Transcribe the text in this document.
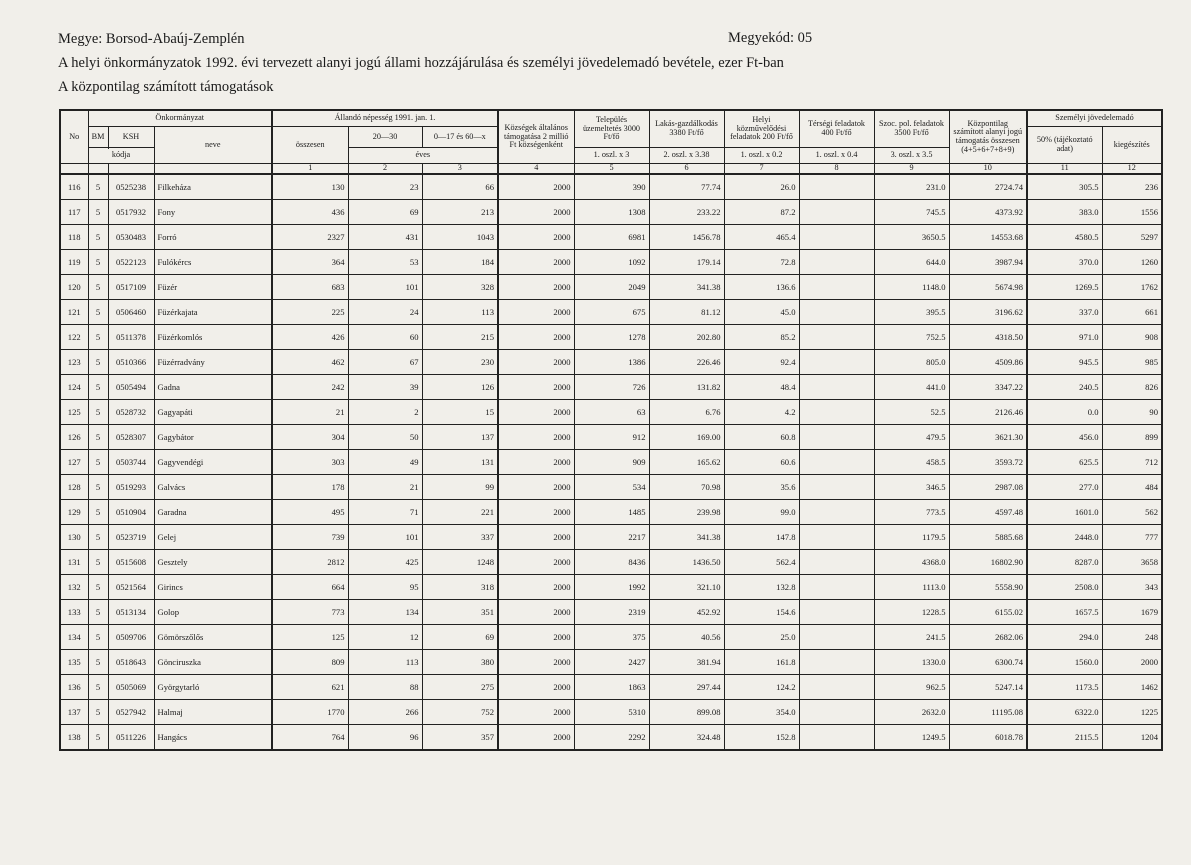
Megye: Borsod-Abaúj-Zemplén	Megyekód: 05
A helyi önkormányzatok 1992. évi tervezett alanyi jogú állami hozzájárulása és személyi jövedelemadó bevétele, ezer Ft-ban
A központilag számított támogatások
No	Önkormányzat			Állandó népesség 1991. jan. 1.			Községek általános támogatása 2 millió Ft községenként	Település üzemeltetés 3000 Ft/fő	Lakás-gazdálkodás 3380 Ft/fő	Helyi közművelődési feladatok 200 Ft/fő	Térségi feladatok 400 Ft/fő	Szoc. pol. feladatok 3500 Ft/fő	Központilag számított alanyi jogú támogatás összesen (4+5+6+7+8+9)	Személyi jövedelemadó	
	BM	KSH	neve	összesen	20—30	0—17 és 60—x								50% (tájékoztató adat)	kiegészítés
					éves										
	kódja							1. oszl. x 3	2. oszl. x 3.38	1. oszl. x 0.2	1. oszl. x 0.4	3. oszl. x 3.5			
				1	2	3	4	5	6	7	8	9	10	11	12
116	5	0525238	Filkeháza	130	23	66	2000	390	77.74	26.0		231.0	2724.74	305.5	236
117	5	0517932	Fony	436	69	213	2000	1308	233.22	87.2		745.5	4373.92	383.0	1556
118	5	0530483	Forró	2327	431	1043	2000	6981	1456.78	465.4		3650.5	14553.68	4580.5	5297
119	5	0522123	Fulókércs	364	53	184	2000	1092	179.14	72.8		644.0	3987.94	370.0	1260
120	5	0517109	Füzér	683	101	328	2000	2049	341.38	136.6		1148.0	5674.98	1269.5	1762
121	5	0506460	Füzérkajata	225	24	113	2000	675	81.12	45.0		395.5	3196.62	337.0	661
122	5	0511378	Füzérkomlós	426	60	215	2000	1278	202.80	85.2		752.5	4318.50	971.0	908
123	5	0510366	Füzérradvány	462	67	230	2000	1386	226.46	92.4		805.0	4509.86	945.5	985
124	5	0505494	Gadna	242	39	126	2000	726	131.82	48.4		441.0	3347.22	240.5	826
125	5	0528732	Gagyapáti	21	2	15	2000	63	6.76	4.2		52.5	2126.46	0.0	90
126	5	0528307	Gagybátor	304	50	137	2000	912	169.00	60.8		479.5	3621.30	456.0	899
127	5	0503744	Gagyvendégi	303	49	131	2000	909	165.62	60.6		458.5	3593.72	625.5	712
128	5	0519293	Galvács	178	21	99	2000	534	70.98	35.6		346.5	2987.08	277.0	484
129	5	0510904	Garadna	495	71	221	2000	1485	239.98	99.0		773.5	4597.48	1601.0	562
130	5	0523719	Gelej	739	101	337	2000	2217	341.38	147.8		1179.5	5885.68	2448.0	777
131	5	0515608	Gesztely	2812	425	1248	2000	8436	1436.50	562.4		4368.0	16802.90	8287.0	3658
132	5	0521564	Girincs	664	95	318	2000	1992	321.10	132.8		1113.0	5558.90	2508.0	343
133	5	0513134	Golop	773	134	351	2000	2319	452.92	154.6		1228.5	6155.02	1657.5	1679
134	5	0509706	Gömörszőlős	125	12	69	2000	375	40.56	25.0		241.5	2682.06	294.0	248
135	5	0518643	Gönciruszka	809	113	380	2000	2427	381.94	161.8		1330.0	6300.74	1560.0	2000
136	5	0505069	Györgytarló	621	88	275	2000	1863	297.44	124.2		962.5	5247.14	1173.5	1462
137	5	0527942	Halmaj	1770	266	752	2000	5310	899.08	354.0		2632.0	11195.08	6322.0	1225
138	5	0511226	Hangács	764	96	357	2000	2292	324.48	152.8		1249.5	6018.78	2115.5	1204
